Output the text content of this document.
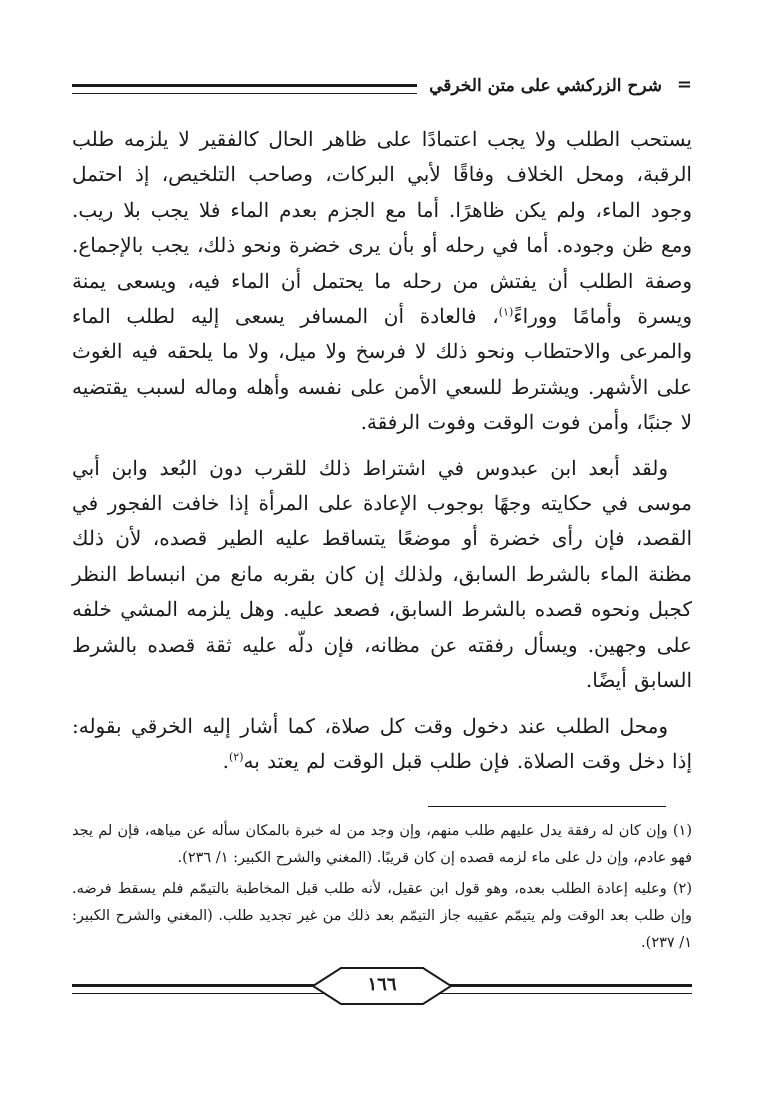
=
شرح الزركشي على متن الخرقي

يستحب الطلب ولا يجب اعتمادًا على ظاهر الحال كالفقير لا يلزمه طلب الرقبة، ومحل الخلاف وفاقًا لأبي البركات، وصاحب التلخيص، إذ احتمل وجود الماء، ولم يكن ظاهرًا. أما مع الجزم بعدم الماء فلا يجب بلا ريب. ومع ظن وجوده. أما في رحله أو بأن يرى خضرة ونحو ذلك، يجب بالإجماع. وصفة الطلب أن يفتش من رحله ما يحتمل أن الماء فيه، ويسعى يمنة ويسرة وأمامًا ووراءً$^{(١)}$، فالعادة أن المسافر يسعى إليه لطلب الماء والمرعى والاحتطاب ونحو ذلك لا فرسخ ولا ميل، ولا ما يلحقه فيه الغوث على الأشهر. ويشترط للسعي الأمن على نفسه وأهله وماله لسبب يقتضيه لا جنبًا، وأمن فوت الوقت وفوت الرفقة.

ولقد أبعد ابن عبدوس في اشتراط ذلك للقرب دون البُعد وابن أبي موسى في حكايته وجهًا بوجوب الإعادة على المرأة إذا خافت الفجور في القصد، فإن رأى خضرة أو موضعًا يتساقط عليه الطير قصده، لأن ذلك مظنة الماء بالشرط السابق، ولذلك إن كان بقربه مانع من انبساط النظر كجبل ونحوه قصده بالشرط السابق، فصعد عليه. وهل يلزمه المشي خلفه على وجهين. ويسأل رفقته عن مظانه، فإن دلّه عليه ثقة قصده بالشرط السابق أيضًا.

ومحل الطلب عند دخول وقت كل صلاة، كما أشار إليه الخرقي بقوله: إذا دخل وقت الصلاة. فإن طلب قبل الوقت لم يعتد به$^{(٢)}$.

(١) وإن كان له رفقة يدل عليهم طلب منهم، وإن وجد من له خبرة بالمكان سأله عن مياهه، فإن لم يجد فهو عادم، وإن دل على ماء لزمه قصده إن كان قريبًا. (المغني والشرح الكبير: ١/ ٢٣٦).

(٢) وعليه إعادة الطلب بعده، وهو قول ابن عقيل، لأنه طلب قبل المخاطبة بالتيمّم فلم يسقط فرضه. وإن طلب بعد الوقت ولم يتيمّم عقيبه جاز التيمّم بعد ذلك من غير تجديد طلب. (المغني والشرح الكبير: ١/ ٢٣٧).

١٦٦
